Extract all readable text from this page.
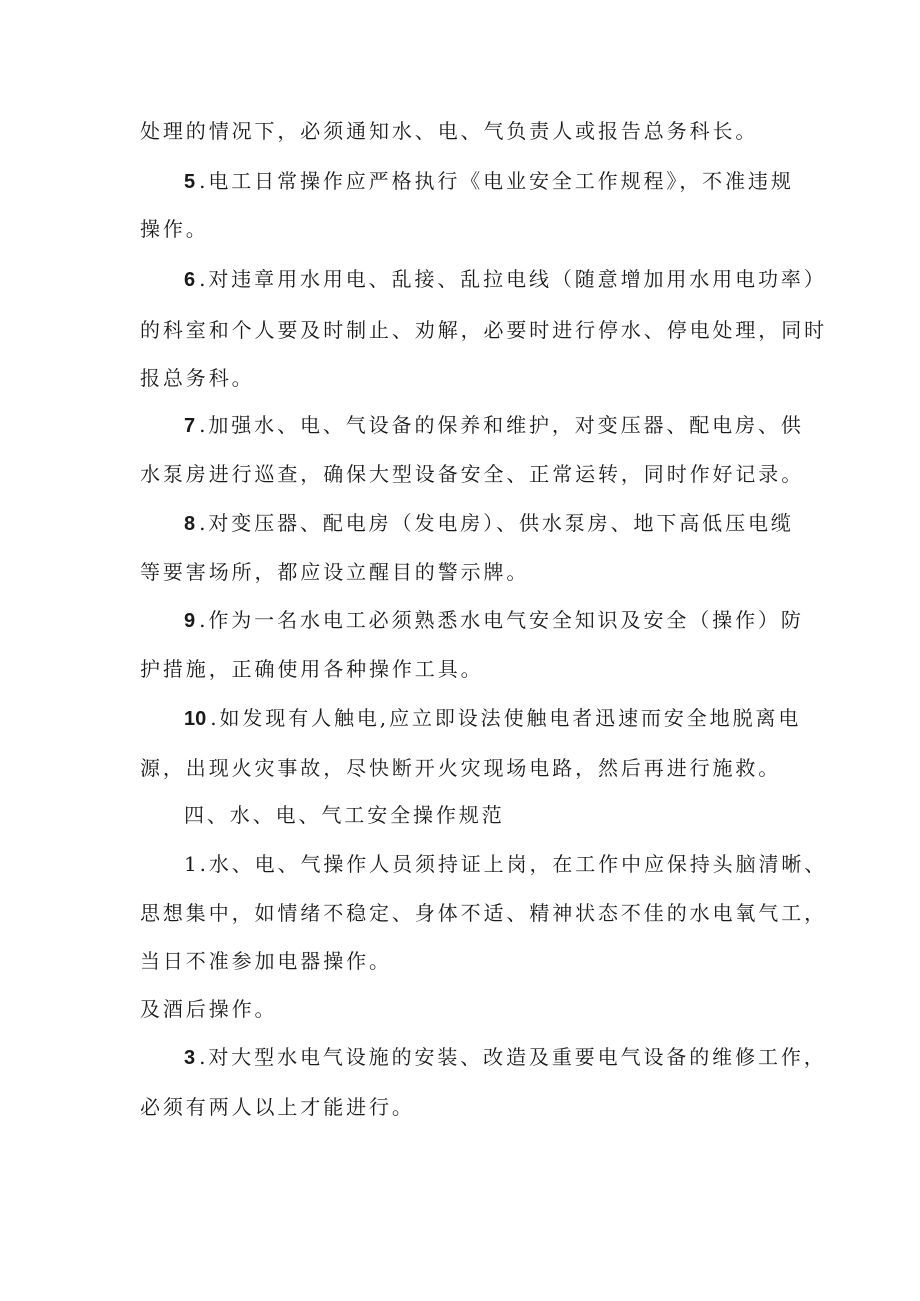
处理的情况下，必须通知水、电、气负责人或报告总务科长。
5 .电工日常操作应严格执行《电业安全工作规程》，不准违规
操作。
6 .对违章用水用电、乱接、乱拉电线（随意增加用水用电功率）
的科室和个人要及时制止、劝解，必要时进行停水、停电处理，同时
报总务科。
7 .加强水、电、气设备的保养和维护，对变压器、配电房、供
水泵房进行巡查，确保大型设备安全、正常运转，同时作好记录。
8 .对变压器、配电房（发电房）、供水泵房、地下高低压电缆
等要害场所，都应设立醒目的警示牌。
9 .作为一名水电工必须熟悉水电气安全知识及安全（操作）防
护措施，正确使用各种操作工具。
10 .如发现有人触电,应立即设法使触电者迅速而安全地脱离电
源，出现火灾事故，尽快断开火灾现场电路，然后再进行施救。
四、水、电、气工安全操作规范
1.水、电、气操作人员须持证上岗，在工作中应保持头脑清晰、
思想集中，如情绪不稳定、身体不适、精神状态不佳的水电氧气工，
当日不准参加电器操作。
及酒后操作。
3 .对大型水电气设施的安装、改造及重要电气设备的维修工作，
必须有两人以上才能进行。
